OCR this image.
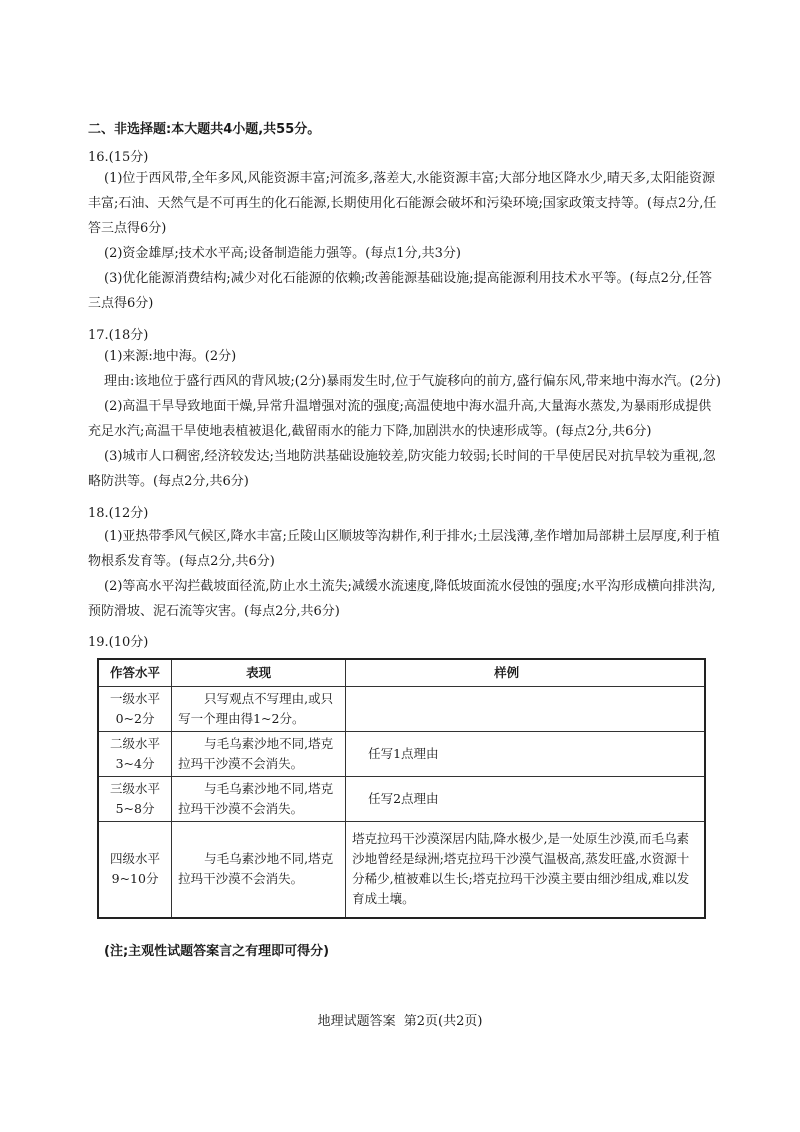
二、非选择题:本大题共4小题,共55分。
16.(15分)
(1)位于西风带,全年多风,风能资源丰富;河流多,落差大,水能资源丰富;大部分地区降水少,晴天多,太阳能资源丰富;石油、天然气是不可再生的化石能源,长期使用化石能源会破坏和污染环境;国家政策支持等。(每点2分,任答三点得6分)
(2)资金雄厚;技术水平高;设备制造能力强等。(每点1分,共3分)
(3)优化能源消费结构;减少对化石能源的依赖;改善能源基础设施;提高能源利用技术水平等。(每点2分,任答三点得6分)
17.(18分)
(1)来源:地中海。(2分)
理由:该地位于盛行西风的背风坡;(2分)暴雨发生时,位于气旋移向的前方,盛行偏东风,带来地中海水汽。(2分)
(2)高温干旱导致地面干燥,异常升温增强对流的强度;高温使地中海水温升高,大量海水蒸发,为暴雨形成提供充足水汽;高温干旱使地表植被退化,截留雨水的能力下降,加剧洪水的快速形成等。(每点2分,共6分)
(3)城市人口稠密,经济较发达;当地防洪基础设施较差,防灾能力较弱;长时间的干旱使居民对抗旱较为重视,忽略防洪等。(每点2分,共6分)
18.(12分)
(1)亚热带季风气候区,降水丰富;丘陵山区顺坡等沟耕作,利于排水;土层浅薄,垄作增加局部耕土层厚度,利于植物根系发育等。(每点2分,共6分)
(2)等高水平沟拦截坡面径流,防止水土流失;减缓水流速度,降低坡面流水侵蚀的强度;水平沟形成横向排洪沟,预防滑坡、泥石流等灾害。(每点2分,共6分)
19.(10分)
作答水平	表现	样例

一级水平
0~2分	只写观点不写理由,或只写一个理由得1~2分。	

二级水平
3~4分	与毛乌素沙地不同,塔克拉玛干沙漠不会消失。	任写1点理由

三级水平
5~8分	与毛乌素沙地不同,塔克拉玛干沙漠不会消失。	任写2点理由

四级水平
9~10分	与毛乌素沙地不同,塔克拉玛干沙漠不会消失。	塔克拉玛干沙漠深居内陆,降水极少,是一处原生沙漠,而毛乌素沙地曾经是绿洲;塔克拉玛干沙漠气温极高,蒸发旺盛,水资源十分稀少,植被难以生长;塔克拉玛干沙漠主要由细沙组成,难以发育成土壤。
(注;主观性试题答案言之有理即可得分)
地理试题答案 第2页(共2页)
